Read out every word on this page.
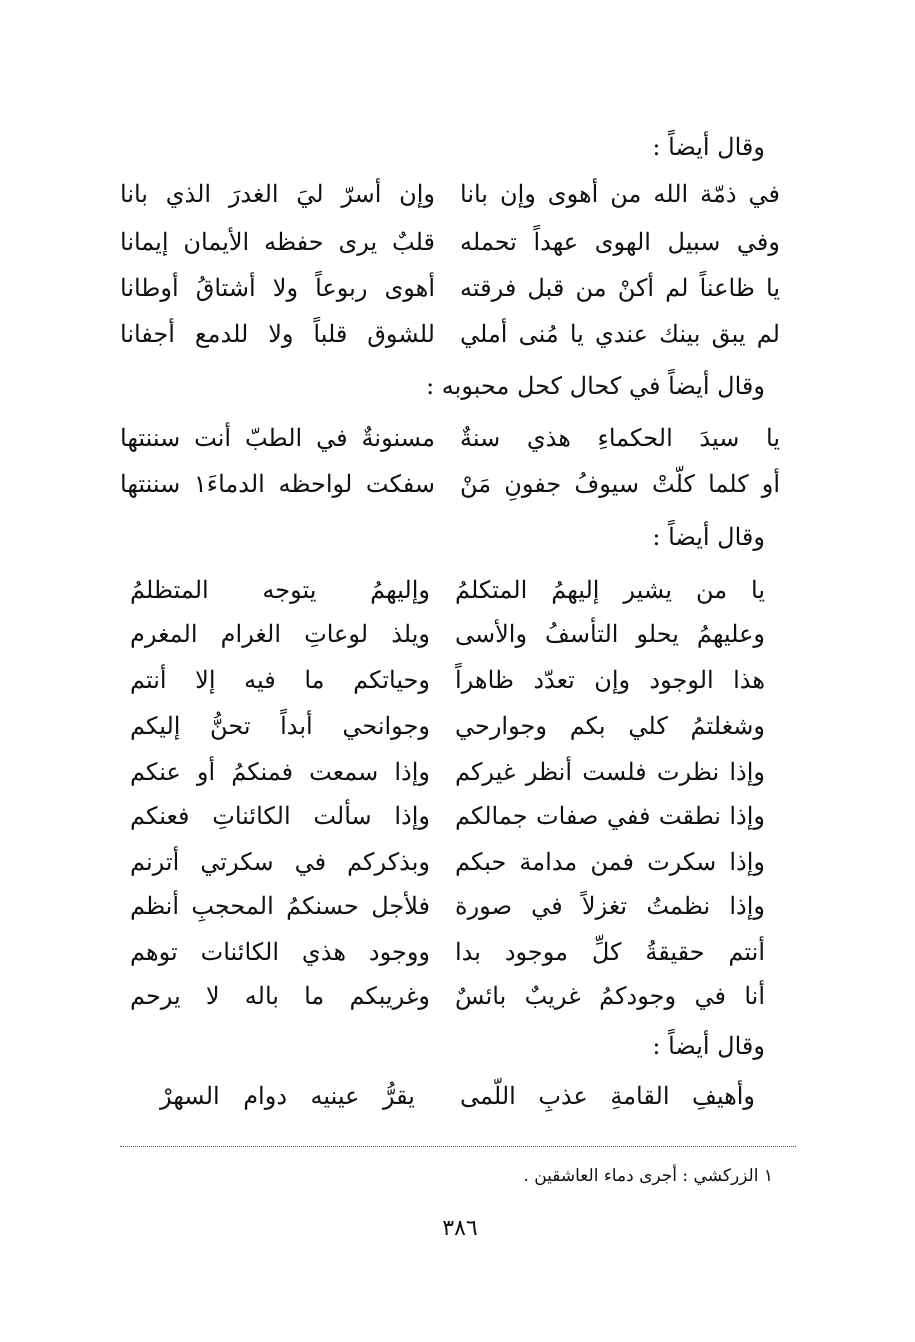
وقال أيضاً :
في ذمّة الله من أهوى وإن بانا
وإن أسرّ ليَ الغدرَ الذي بانا
وفي سبيل الهوى عهداً تحمله
قلبٌ يرى حفظه الأيمان إيمانا
يا ظاعناً لم أكنْ من قبل فرقته
أهوى ربوعاً ولا أشتاقُ أوطانا
لم يبق بينك عندي يا مُنى أملي
للشوق قلباً ولا للدمع أجفانا
وقال أيضاً في كحال كحل محبوبه :
يا سيدَ الحكماءِ هذي سنةٌ
مسنونةٌ في الطبّ أنت سننتها
أو كلما كلّتْ سيوفُ جفونِ مَنْ
سفكت لواحظه الدماءَ١ سننتها
وقال أيضاً :
يا من يشير إليهمُ المتكلمُ
وإليهمُ يتوجه المتظلمُ
وعليهمُ يحلو التأسفُ والأسى
ويلذ لوعاتِ الغرام المغرم
هذا الوجود وإن تعدّد ظاهراً
وحياتكم ما فيه إلا أنتم
وشغلتمُ كلي بكم وجوارحي
وجوانحي أبداً تحنُّ إليكم
وإذا نظرت فلست أنظر غيركم
وإذا سمعت فمنكمُ أو عنكم
وإذا نطقت ففي صفات جمالكم
وإذا سألت الكائناتِ فعنكم
وإذا سكرت فمن مدامة حبكم
وبذكركم في سكرتي أترنم
وإذا نظمتُ تغزلاً في صورة
فلأجل حسنكمُ المحجبِ أنظم
أنتم حقيقةُ كلِّ موجود بدا
ووجود هذي الكائنات توهم
أنا في وجودكمُ غريبٌ بائسٌ
وغريبكم ما باله لا يرحم
وقال أيضاً :
وأهيفِ القامةِ عذبِ اللّمى
يقرُّ عينيه دوام السهرْ
١ الزركشي : أجرى دماء العاشقين .
٣٨٦
